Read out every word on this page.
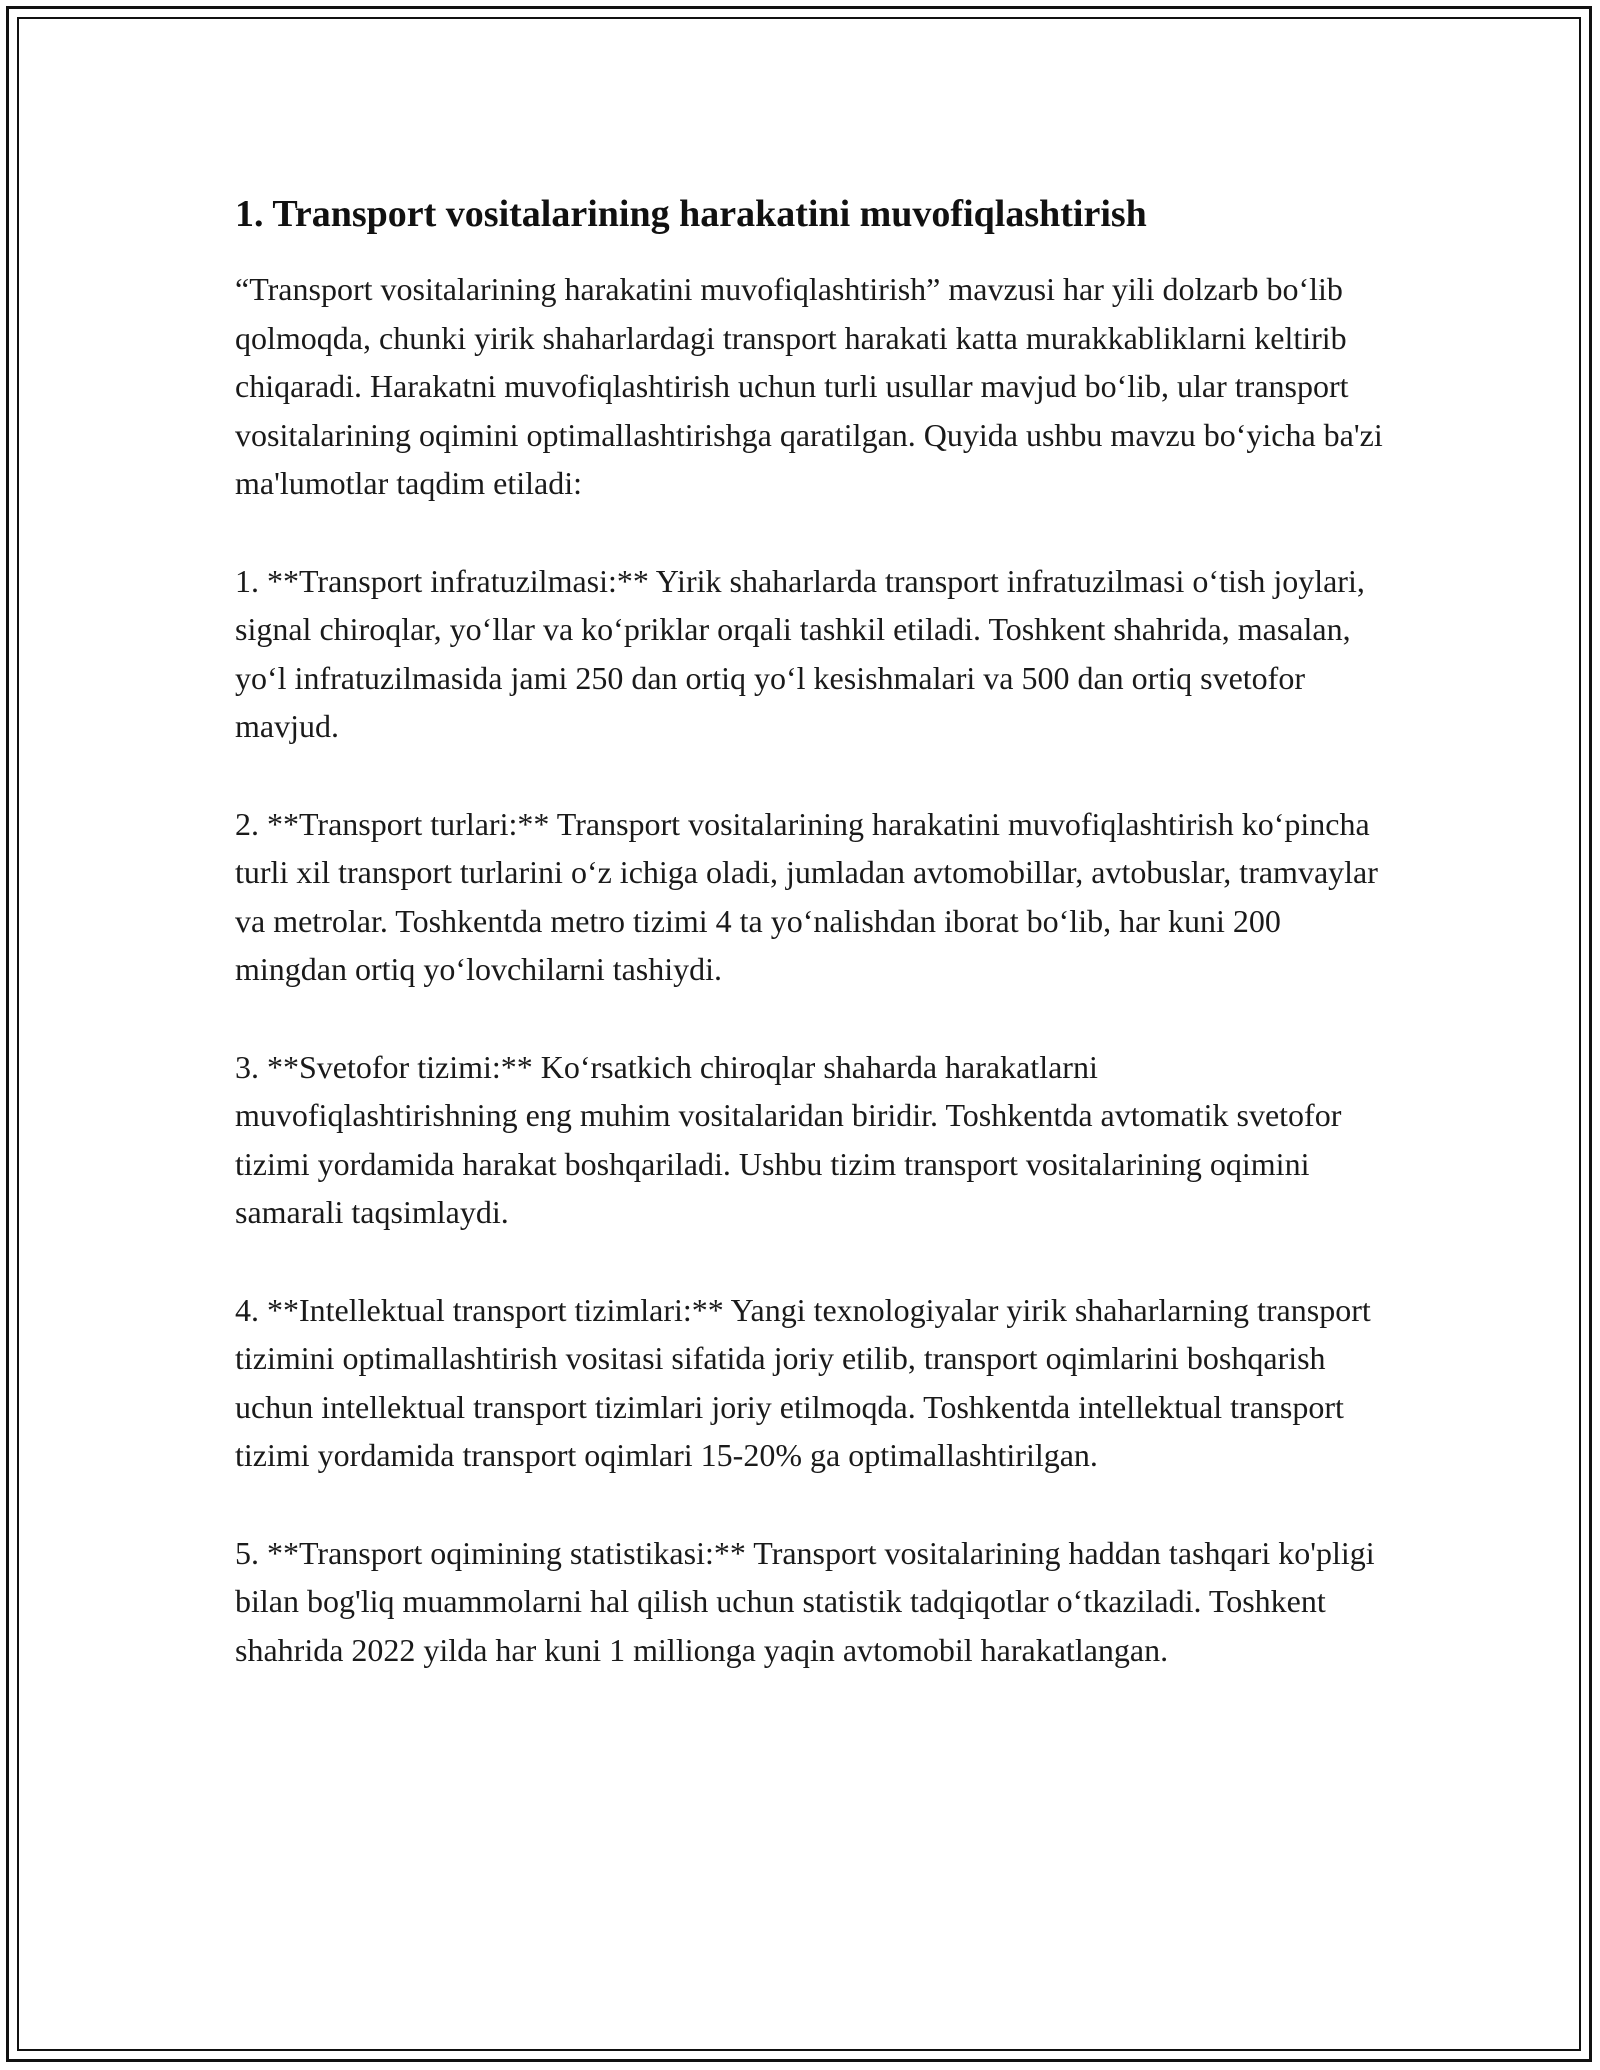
1. Transport vositalarining harakatini muvofiqlashtirish

“Transport vositalarining harakatini muvofiqlashtirish” mavzusi har yili dolzarb bo‘lib qolmoqda, chunki yirik shaharlardagi transport harakati katta murakkabliklarni keltirib chiqaradi. Harakatni muvofiqlashtirish uchun turli usullar mavjud bo‘lib, ular transport vositalarining oqimini optimallashtirishga qaratilgan. Quyida ushbu mavzu bo‘yicha ba'zi ma'lumotlar taqdim etiladi:

1. **Transport infratuzilmasi:** Yirik shaharlarda transport infratuzilmasi o‘tish joylari, signal chiroqlar, yo‘llar va ko‘priklar orqali tashkil etiladi. Toshkent shahrida, masalan, yo‘l infratuzilmasida jami 250 dan ortiq yo‘l kesishmalari va 500 dan ortiq svetofor mavjud.

2. **Transport turlari:** Transport vositalarining harakatini muvofiqlashtirish ko‘pincha turli xil transport turlarini o‘z ichiga oladi, jumladan avtomobillar, avtobuslar, tramvaylar va metrolar. Toshkentda metro tizimi 4 ta yo‘nalishdan iborat bo‘lib, har kuni 200 mingdan ortiq yo‘lovchilarni tashiydi.

3. **Svetofor tizimi:** Ko‘rsatkich chiroqlar shaharda harakatlarni muvofiqlashtirishning eng muhim vositalaridan biridir. Toshkentda avtomatik svetofor tizimi yordamida harakat boshqariladi. Ushbu tizim transport vositalarining oqimini samarali taqsimlaydi.

4. **Intellektual transport tizimlari:** Yangi texnologiyalar yirik shaharlarning transport tizimini optimallashtirish vositasi sifatida joriy etilib, transport oqimlarini boshqarish uchun intellektual transport tizimlari joriy etilmoqda. Toshkentda intellektual transport tizimi yordamida transport oqimlari 15-20% ga optimallashtirilgan.

5. **Transport oqimining statistikasi:** Transport vositalarining haddan tashqari ko'pligi bilan bog'liq muammolarni hal qilish uchun statistik tadqiqotlar o‘tkaziladi. Toshkent shahrida 2022 yilda har kuni 1 millionga yaqin avtomobil harakatlangan.
